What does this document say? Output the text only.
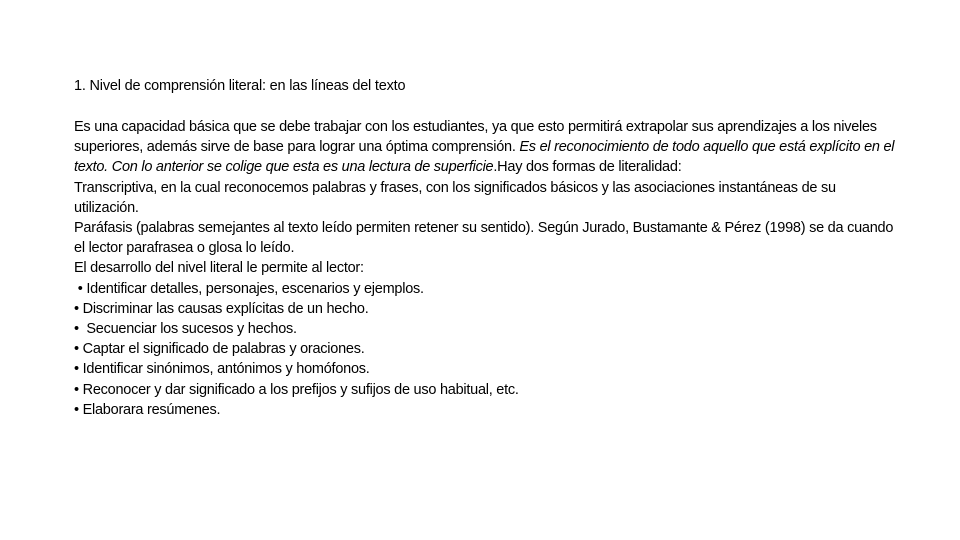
1. Nivel de comprensión literal: en las líneas del texto

Es una capacidad básica que se debe trabajar con los estudiantes, ya que esto permitirá extrapolar sus aprendizajes a los niveles superiores, además sirve de base para lograr una óptima comprensión. Es el reconocimiento de todo aquello que está explícito en el texto. Con lo anterior se colige que esta es una lectura de superficie.Hay dos formas de literalidad:

Transcriptiva, en la cual reconocemos palabras y frases, con los significados básicos y las asociaciones instantáneas de su utilización.

Paráfasis (palabras semejantes al texto leído permiten retener su sentido). Según Jurado, Bustamante & Pérez (1998) se da cuando el lector parafrasea o glosa lo leído.

El desarrollo del nivel literal le permite al lector:

• Identificar detalles, personajes, escenarios y ejemplos.

• Discriminar las causas explícitas de un hecho.

•  Secuenciar los sucesos y hechos.

• Captar el significado de palabras y oraciones.

• Identificar sinónimos, antónimos y homófonos.

• Reconocer y dar significado a los prefijos y sufijos de uso habitual, etc.

• Elaborara resúmenes.
